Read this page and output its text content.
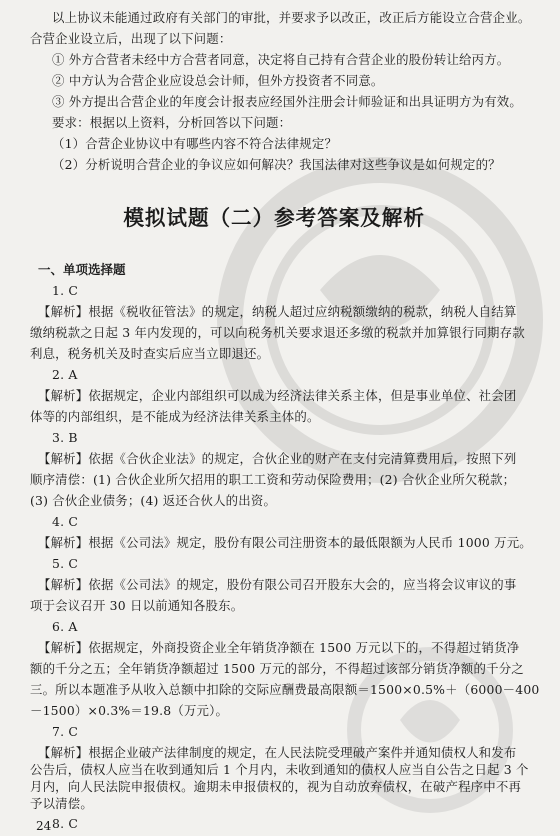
以上协议未能通过政府有关部门的审批，并要求予以改正，改正后方能设立合营企业。
合营企业设立后，出现了以下问题：
① 外方合营者未经中方合营者同意，决定将自己持有合营企业的股份转让给丙方。
② 中方认为合营企业应设总会计师，但外方投资者不同意。
③ 外方提出合营企业的年度会计报表应经国外注册会计师验证和出具证明方为有效。
要求：根据以上资料，分析回答以下问题：
（1）合营企业协议中有哪些内容不符合法律规定？
（2）分析说明合营企业的争议应如何解决？我国法律对这些争议是如何规定的？
模拟试题（二）参考答案及解析
一、单项选择题
1. C
【解析】根据《税收征管法》的规定，纳税人超过应纳税额缴纳的税款，纳税人自结算
缴纳税款之日起 3 年内发现的，可以向税务机关要求退还多缴的税款并加算银行同期存款
利息，税务机关及时查实后应当立即退还。
2. A
【解析】依据规定，企业内部组织可以成为经济法律关系主体，但是事业单位、社会团
体等的内部组织，是不能成为经济法律关系主体的。
3. B
【解析】依据《合伙企业法》的规定，合伙企业的财产在支付完清算费用后，按照下列
顺序清偿：(1) 合伙企业所欠招用的职工工资和劳动保险费用；(2) 合伙企业所欠税款；
(3) 合伙企业债务；(4) 返还合伙人的出资。
4. C
【解析】根据《公司法》规定，股份有限公司注册资本的最低限额为人民币 1000 万元。
5. C
【解析】依据《公司法》的规定，股份有限公司召开股东大会的，应当将会议审议的事
项于会议召开 30 日以前通知各股东。
6. A
【解析】依据规定，外商投资企业全年销货净额在 1500 万元以下的，不得超过销货净
额的千分之五；全年销货净额超过 1500 万元的部分，不得超过该部分销货净额的千分之
三。所以本题准予从收入总额中扣除的交际应酬费最高限额＝1500×0.5%＋（6000－400
－1500）×0.3%＝19.8（万元）。
7. C
【解析】根据企业破产法律制度的规定，在人民法院受理破产案件并通知债权人和发布
公告后，债权人应当在收到通知后 1 个月内，未收到通知的债权人应当自公告之日起 3 个
月内，向人民法院申报债权。逾期未申报债权的，视为自动放弃债权，在破产程序中不再
予以清偿。
8. C
24
